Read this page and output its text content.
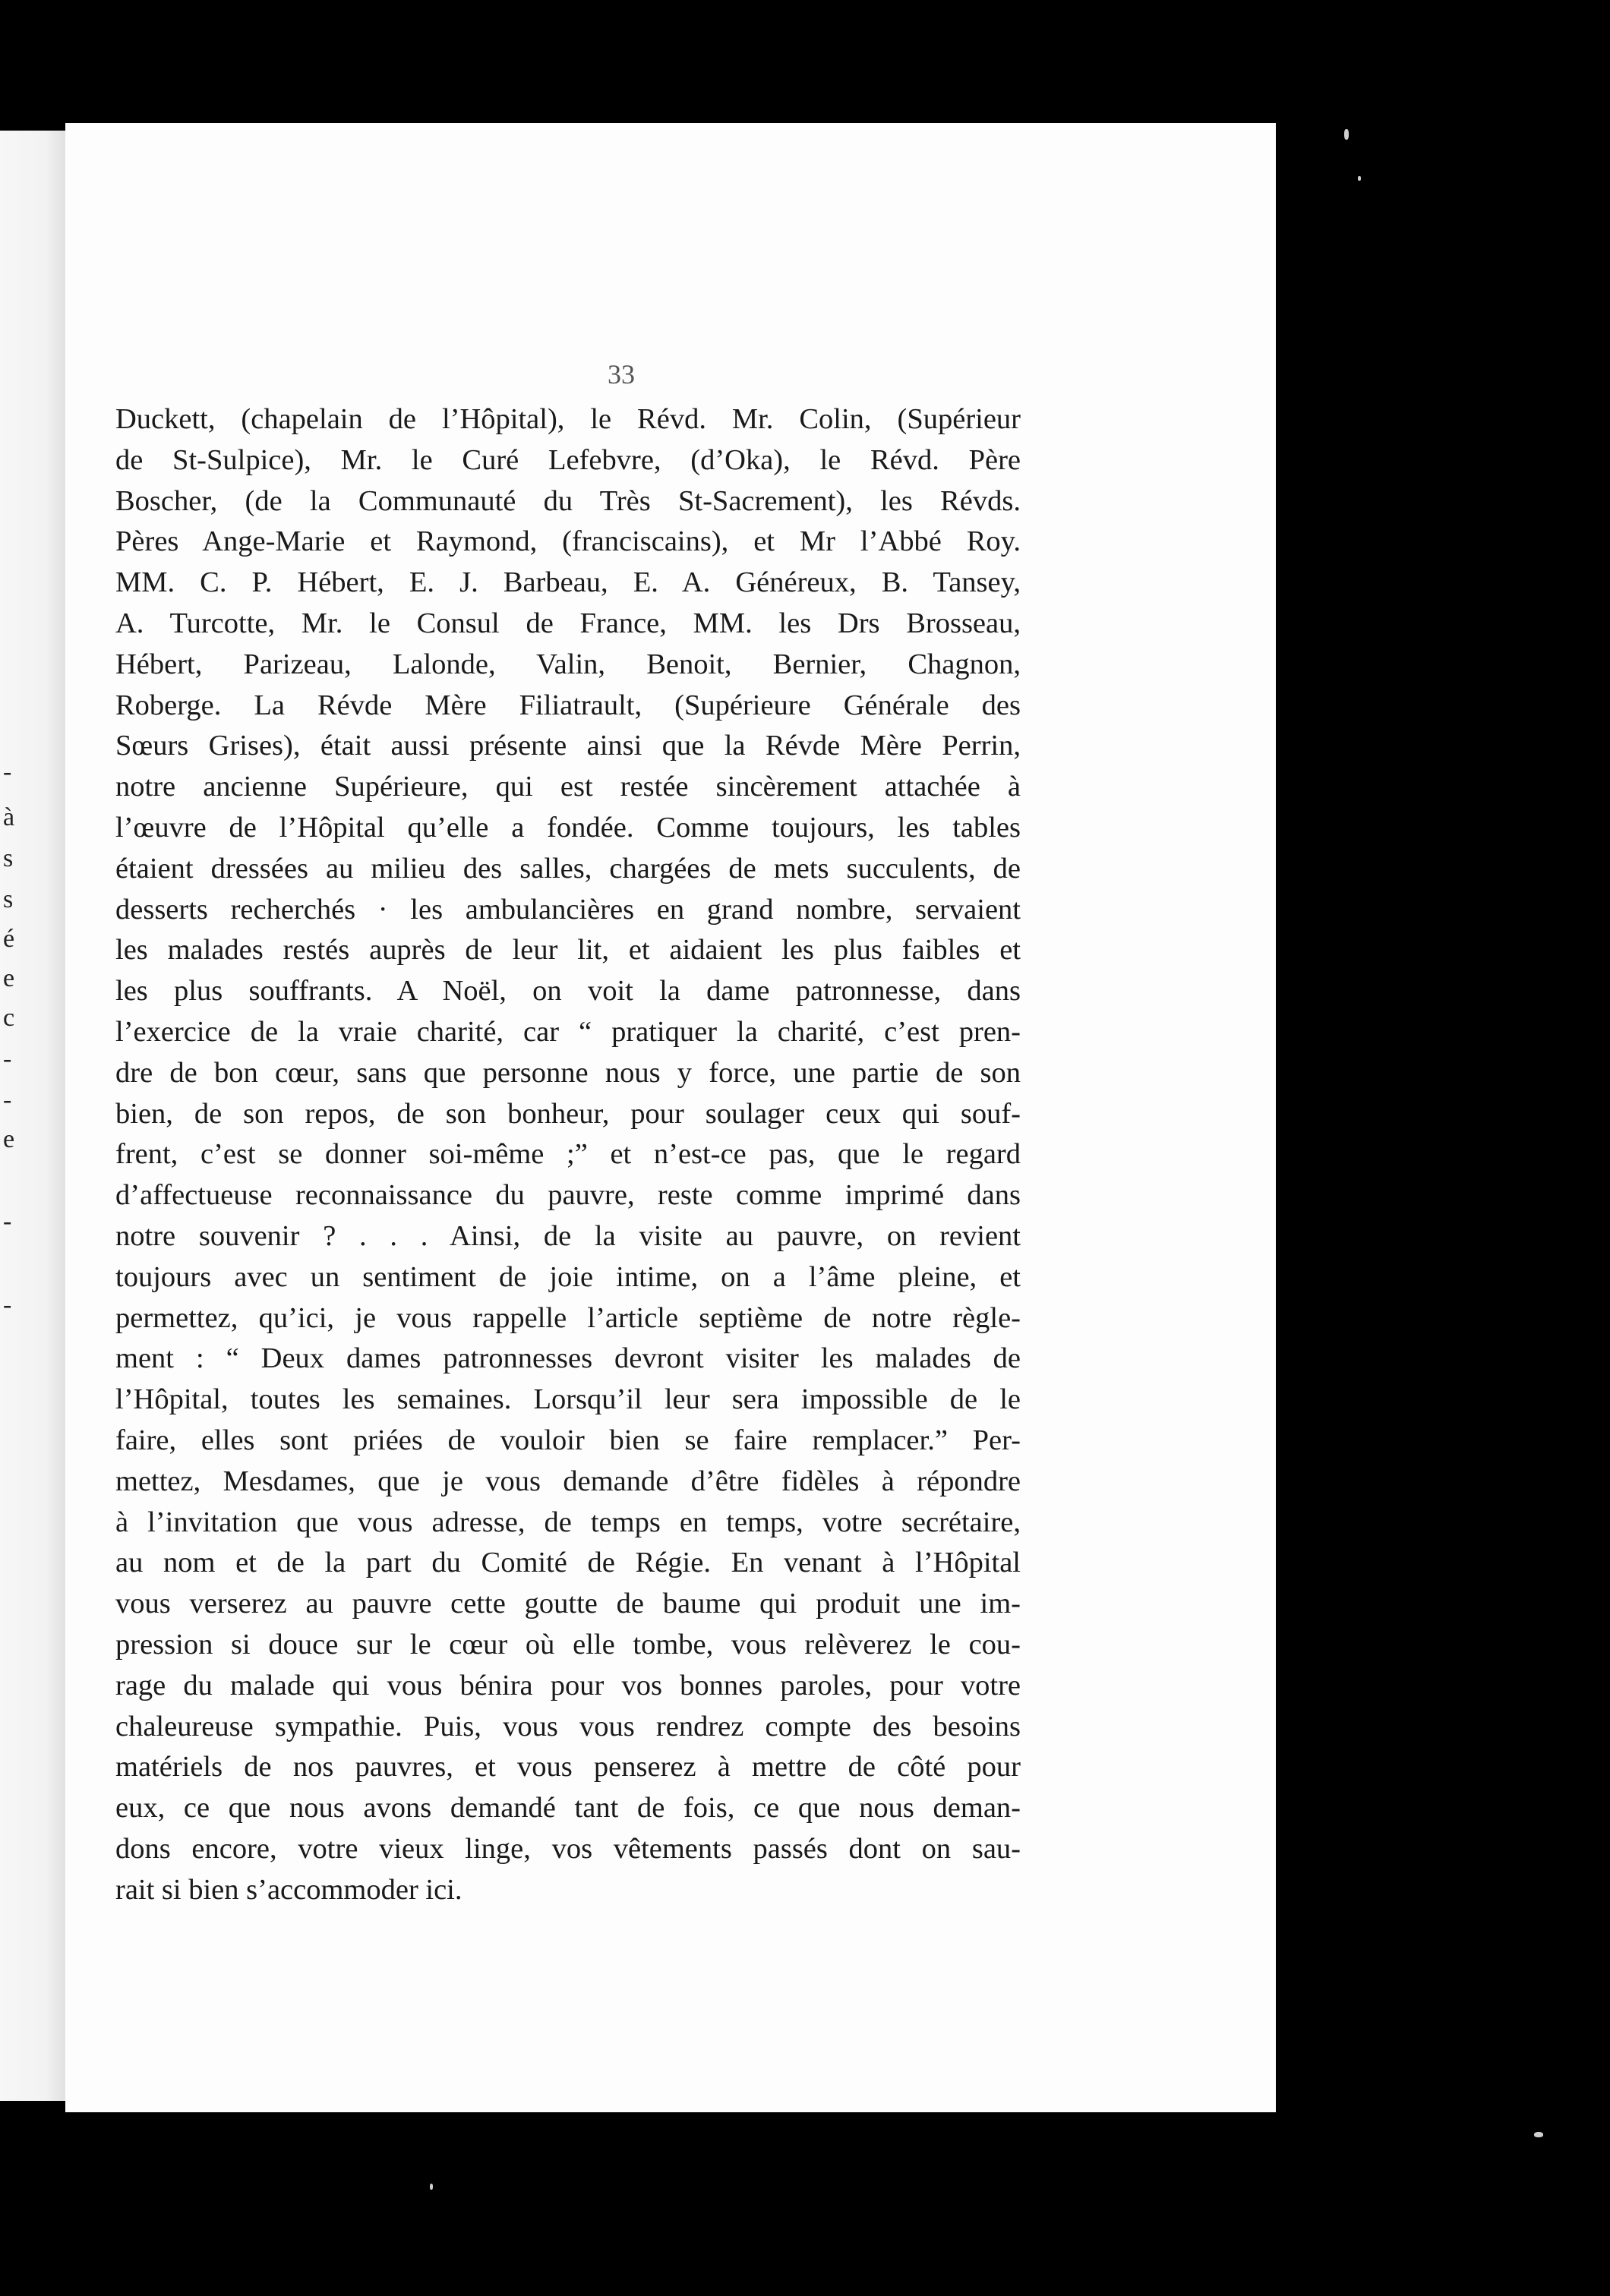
-
à
s
s
é
e
c
-
-
e
-
-
33
Duckett, (chapelain de l’Hôpital), le Révd. Mr. Colin, (Supérieur
de St-Sulpice), Mr. le Curé Lefebvre, (d’Oka), le Révd. Père
Boscher, (de la Communauté du Très St-Sacrement), les Révds.
Pères Ange-Marie et Raymond, (franciscains), et Mr l’Abbé Roy.
MM. C. P. Hébert, E. J. Barbeau, E. A. Généreux, B. Tansey,
A. Turcotte, Mr. le Consul de France, MM. les Drs Brosseau,
Hébert, Parizeau, Lalonde, Valin, Benoit, Bernier, Chagnon,
Roberge. La Révde Mère Filiatrault, (Supérieure Générale des
Sœurs Grises), était aussi présente ainsi que la Révde Mère Perrin,
notre ancienne Supérieure, qui est restée sincèrement attachée à
l’œuvre de l’Hôpital qu’elle a fondée. Comme toujours, les tables
étaient dressées au milieu des salles, chargées de mets succulents, de
desserts recherchés · les ambulancières en grand nombre, servaient
les malades restés auprès de leur lit, et aidaient les plus faibles et
les plus souffrants. A Noël, on voit la dame patronnesse, dans
l’exercice de la vraie charité, car “ pratiquer la charité, c’est pren-
dre de bon cœur, sans que personne nous y force, une partie de son
bien, de son repos, de son bonheur, pour soulager ceux qui souf-
frent, c’est se donner soi-même ;” et n’est-ce pas, que le regard
d’affectueuse reconnaissance du pauvre, reste comme imprimé dans
notre souvenir ? . . . Ainsi, de la visite au pauvre, on revient
toujours avec un sentiment de joie intime, on a l’âme pleine, et
permettez, qu’ici, je vous rappelle l’article septième de notre règle-
ment : “ Deux dames patronnesses devront visiter les malades de
l’Hôpital, toutes les semaines. Lorsqu’il leur sera impossible de le
faire, elles sont priées de vouloir bien se faire remplacer.” Per-
mettez, Mesdames, que je vous demande d’être fidèles à répondre
à l’invitation que vous adresse, de temps en temps, votre secrétaire,
au nom et de la part du Comité de Régie. En venant à l’Hôpital
vous verserez au pauvre cette goutte de baume qui produit une im-
pression si douce sur le cœur où elle tombe, vous relèverez le cou-
rage du malade qui vous bénira pour vos bonnes paroles, pour votre
chaleureuse sympathie. Puis, vous vous rendrez compte des besoins
matériels de nos pauvres, et vous penserez à mettre de côté pour
eux, ce que nous avons demandé tant de fois, ce que nous deman-
dons encore, votre vieux linge, vos vêtements passés dont on sau-
rait si bien s’accommoder ici.
